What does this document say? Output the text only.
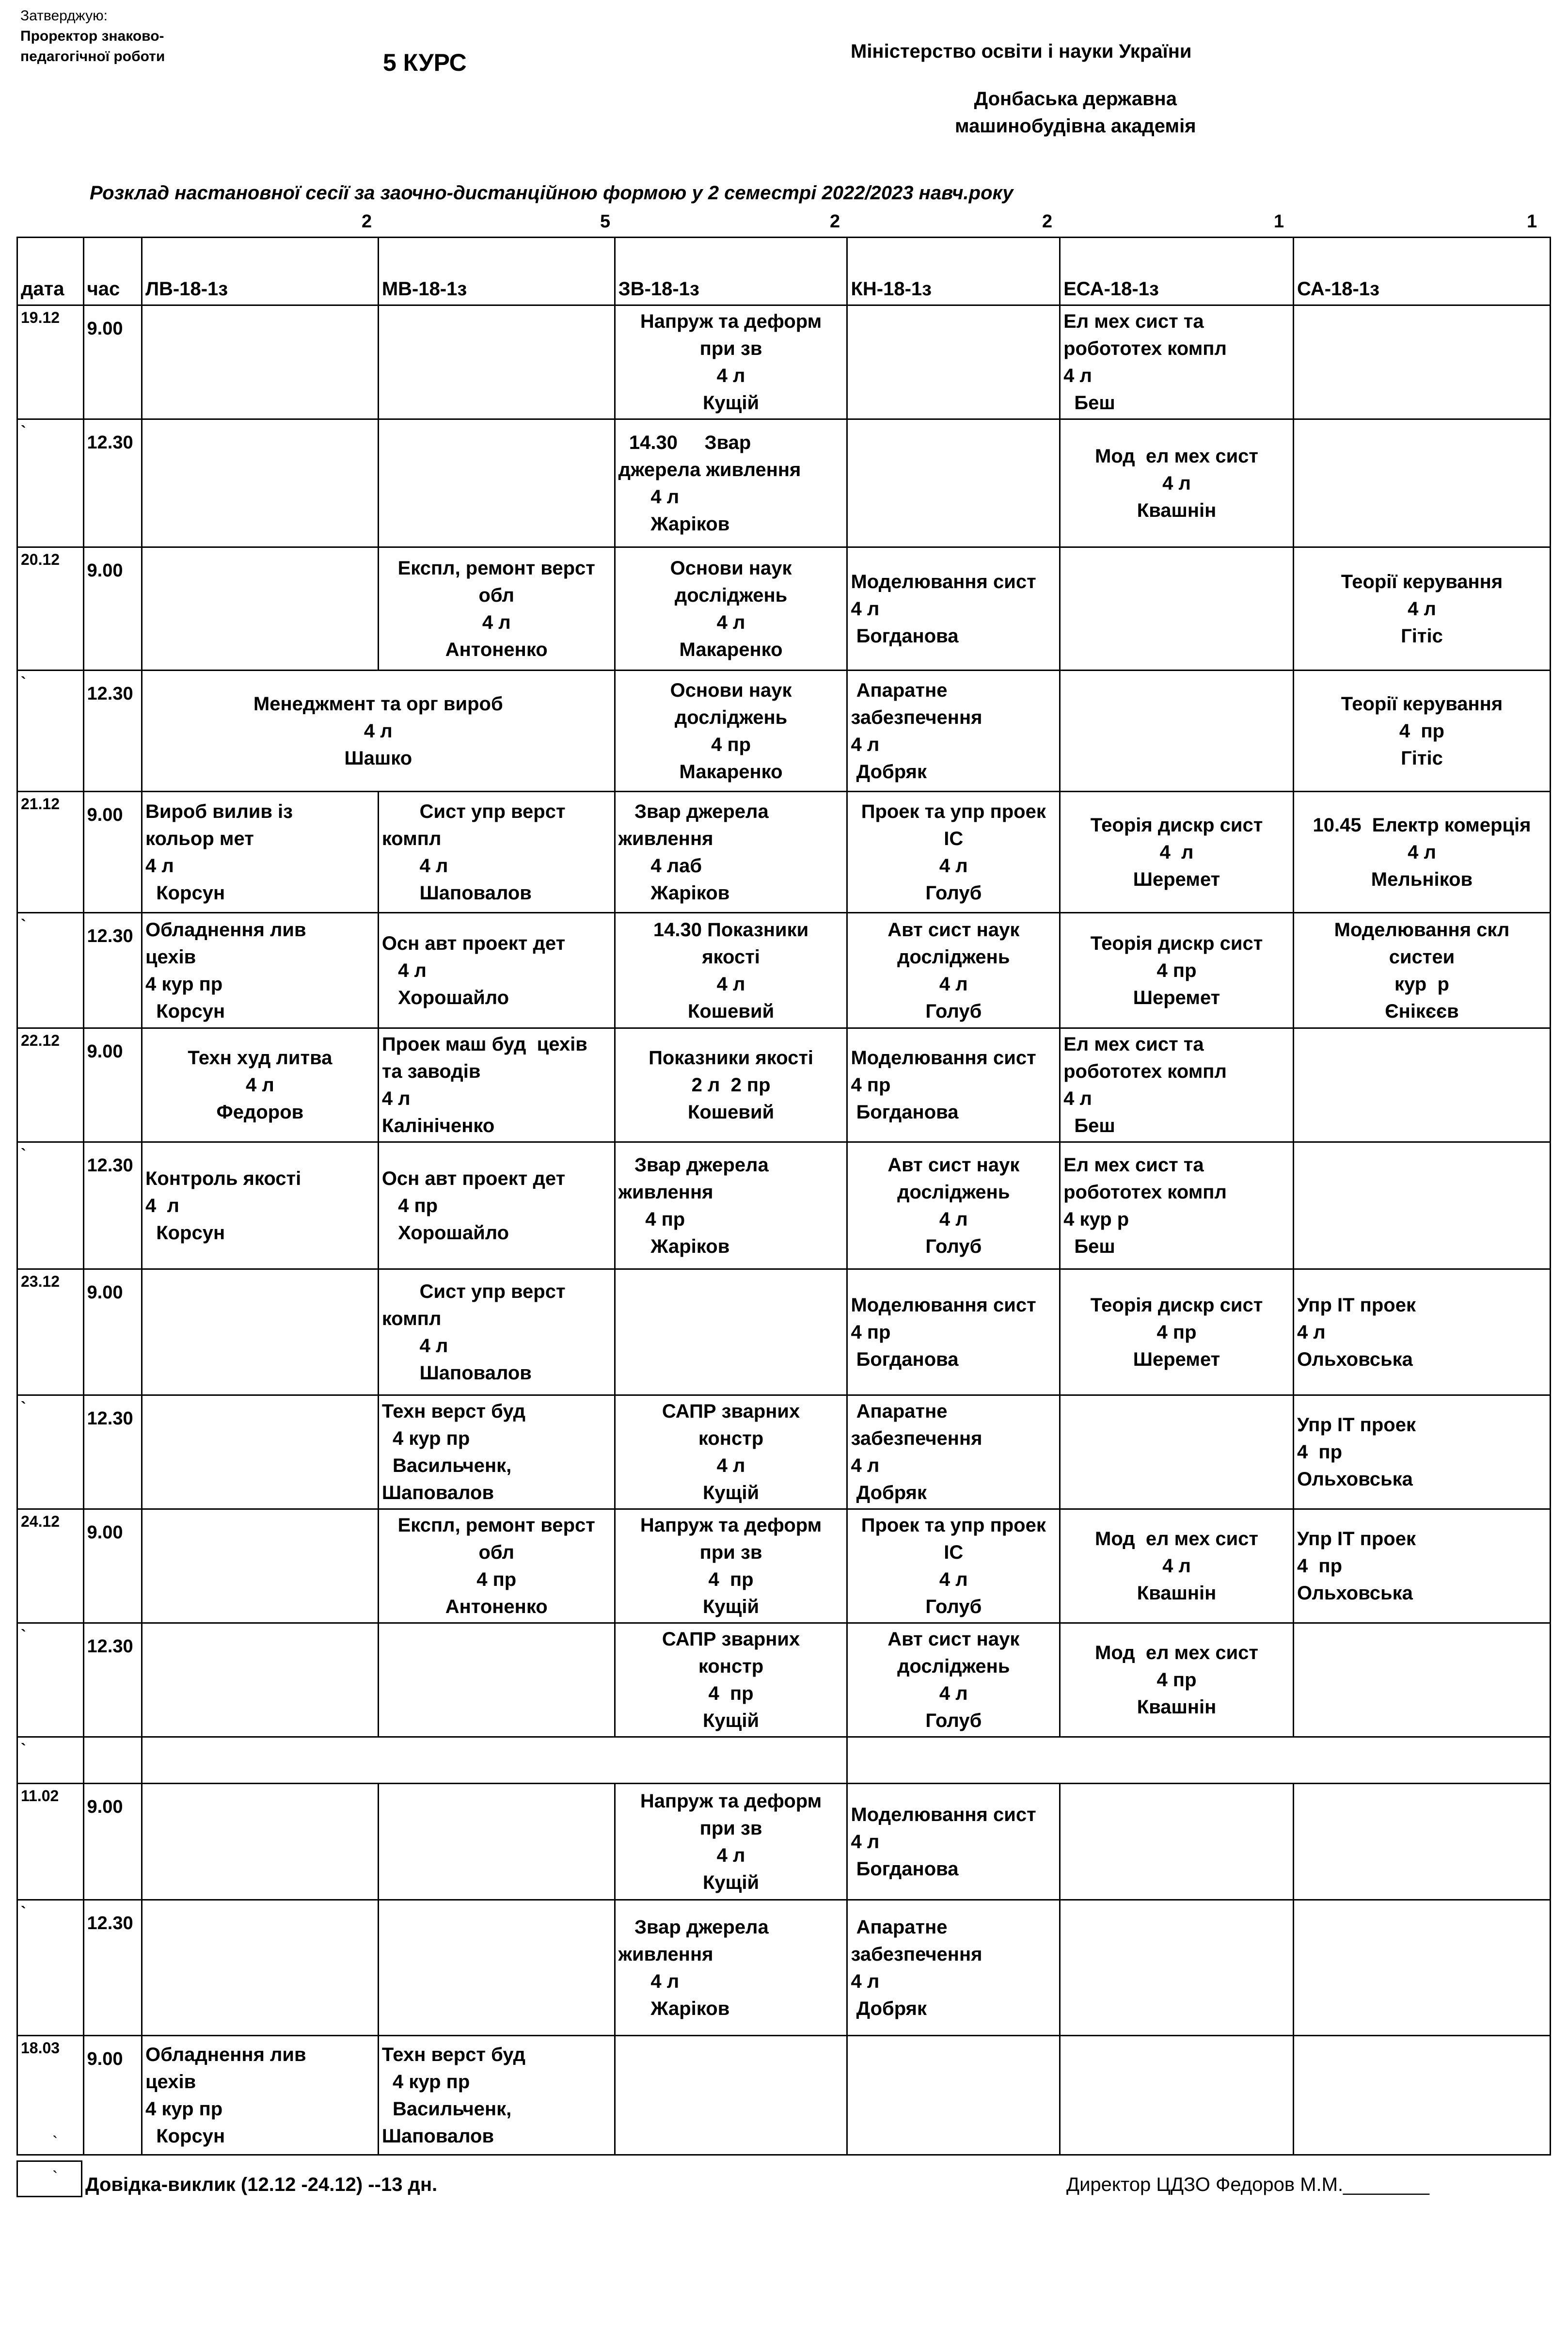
Затверджую:
Проректор знаково-
педагогічної роботи	5 КУРС	Міністерство освіти і науки України
Донбаська державна
машинобудівна академія
Розклад настановної сесії за заочно-дистанційною формою у 2 семестрі 2022/2023 навч.року
2	5	2	2	1	1
дата	час	ЛВ-18-1з	МВ-18-1з	ЗВ-18-1з	КН-18-1з	ЕСА-18-1з	СА-18-1з
19.12	9.00			Напруж та деформ
при зв
4 л
Кущій		Ел мех сист та
робототех компл
4 л
Беш	

`	12.30			14.30     Звар
джерела живлення
4 л
Жаріков		Мод  ел мех сист
4 л
Квашнін	

20.12	9.00		Експл, ремонт верст
обл
4 л
Антоненко	Основи наук
досліджень
4 л
Макаренко	Моделювання сист
4 л
Богданова		Теорії керування
4 л
Гітіс

`	12.30	Менеджмент та орг вироб
4 л
Шашко		Основи наук
досліджень
4 пр
Макаренко	Апаратне
забезпечення
4 л
Добряк		Теорії керування
4  пр
Гітіс

21.12	9.00	Вироб вилив із
кольор мет
4 л
Корсун	Сист упр верст
компл
4 л
Шаповалов	Звар джерела
живлення
4 лаб
Жаріков	Проек та упр проек
ІС
4 л
Голуб	Теорія дискр сист
4  л
Шеремет	10.45  Електр комерція
4 л
Мельніков

`	12.30	Обладнення лив
цехів
4 кур пр
Корсун	Осн авт проект дет
4 л
Хорошайло	14.30 Показники
якості
4 л
Кошевий	Авт сист наук
досліджень
4 л
Голуб	Теорія дискр сист
4 пр
Шеремет	Моделювання скл
систеи
кур  р
Єнікєєв

22.12	9.00	Техн худ литва
4 л
Федоров	Проек маш буд  цехів
та заводів
4 л
Калініченко	Показники якості
2 л  2 пр
Кошевий	Моделювання сист
4 пр
Богданова	Ел мех сист та
робототех компл
4 л
Беш	

`	12.30	Контроль якості
4  л
Корсун	Осн авт проект дет
4 пр
Хорошайло	Звар джерела
живлення
4 пр
Жаріков	Авт сист наук
досліджень
4 л
Голуб	Ел мех сист та
робототех компл
4 кур р
Беш	

23.12	9.00		Сист упр верст
компл
4 л
Шаповалов		Моделювання сист
4 пр
Богданова	Теорія дискр сист
4 пр
Шеремет	Упр ІТ проек
4 л
Ольховська

`	12.30		Техн верст буд
4 кур пр
Васильченк,
Шаповалов	САПР зварних
констр
4 л
Кущій	Апаратне
забезпечення
4 л
Добряк		Упр ІТ проек
4  пр
Ольховська

24.12	9.00		Експл, ремонт верст
обл
4 пр
Антоненко	Напруж та деформ
при зв
4  пр
Кущій	Проек та упр проек
ІС
4 л
Голуб	Мод  ел мех сист
4 л
Квашнін	Упр ІТ проек
4  пр
Ольховська

`	12.30			САПР зварних
констр
4  пр
Кущій	Авт сист наук
досліджень
4 л
Голуб	Мод  ел мех сист
4 пр
Квашнін	

`							
11.02	9.00			Напруж та деформ
при зв
4 л
Кущій	Моделювання сист
4 л
Богданова		

`	12.30			Звар джерела
живлення
4 л
Жаріков	Апаратне
забезпечення
4 л
Добряк		

18.03	9.00	Обладнення лив
цехів
4 кур пр
Корсун	Техн верст буд
4 кур пр
Васильченк,
Шаповалов				

`
` Довідка-виклик (12.12 -24.12) --13 дн.	Директор ЦДЗО Федоров М.М.________
